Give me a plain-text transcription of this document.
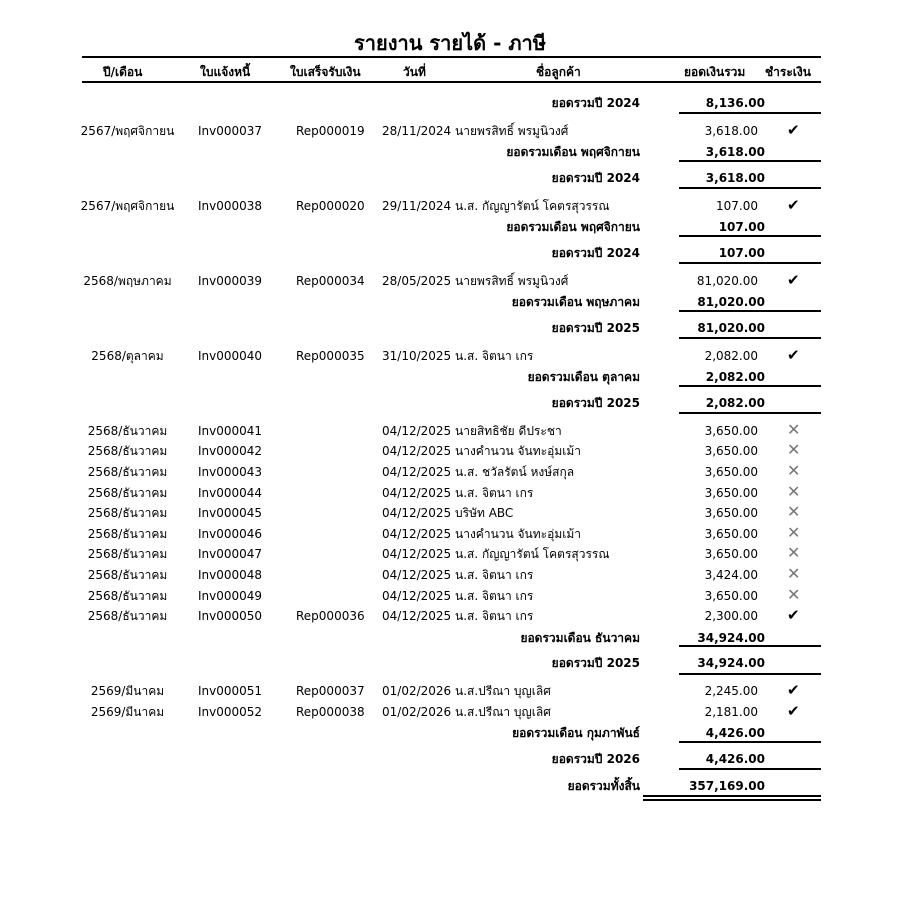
รายงาน รายได้ - ภาษี
ปี/เดือน	ใบแจ้งหนี้	ใบเสร็จรับเงิน	วันที่	ชื่อลูกค้า	ยอดเงินรวม ชำระเงิน
ยอดรวมปี 2024	8,136.00
2567/พฤศจิกายน	Inv000037	Rep000019 28/11/2024 นายพรสิทธิ์ พรมูนิวงศ์	3,618.00 ✔
ยอดรวมเดือน พฤศจิกายน	3,618.00
ยอดรวมปี 2024	3,618.00
2567/พฤศจิกายน	Inv000038	Rep000020 29/11/2024 น.ส. กัญญารัตน์ โคตรสุวรรณ	107.00 ✔
ยอดรวมเดือน พฤศจิกายน	107.00
ยอดรวมปี 2024	107.00
2568/พฤษภาคม	Inv000039	Rep000034 28/05/2025 นายพรสิทธิ์ พรมูนิวงศ์	81,020.00 ✔
ยอดรวมเดือน พฤษภาคม	81,020.00
ยอดรวมปี 2025	81,020.00
2568/ตุลาคม	Inv000040	Rep000035 31/10/2025 น.ส. จิตนา เกร	2,082.00 ✔
ยอดรวมเดือน ตุลาคม	2,082.00
ยอดรวมปี 2025	2,082.00
2568/ธันวาคม	Inv000041	04/12/2025 นายสิทธิชัย ดีประชา	3,650.00 ✕
2568/ธันวาคม	Inv000042	04/12/2025 นางคำนวน จันทะอุ่มเม้า	3,650.00 ✕
2568/ธันวาคม	Inv000043	04/12/2025 น.ส. ชวัลรัตน์ หงษ์สกุล	3,650.00 ✕
2568/ธันวาคม	Inv000044	04/12/2025 น.ส. จิตนา เกร	3,650.00 ✕
2568/ธันวาคม	Inv000045	04/12/2025 บริษัท ABC	3,650.00 ✕
2568/ธันวาคม	Inv000046	04/12/2025 นางคำนวน จันทะอุ่มเม้า	3,650.00 ✕
2568/ธันวาคม	Inv000047	04/12/2025 น.ส. กัญญารัตน์ โคตรสุวรรณ	3,650.00 ✕
2568/ธันวาคม	Inv000048	04/12/2025 น.ส. จิตนา เกร	3,424.00 ✕
2568/ธันวาคม	Inv000049	04/12/2025 น.ส. จิตนา เกร	3,650.00 ✕
2568/ธันวาคม	Inv000050	Rep000036 04/12/2025 น.ส. จิตนา เกร	2,300.00 ✔
ยอดรวมเดือน ธันวาคม	34,924.00
ยอดรวมปี 2025	34,924.00
2569/มีนาคม	Inv000051	Rep000037 01/02/2026 น.ส.ปรีณา บุญเลิศ	2,245.00 ✔
2569/มีนาคม	Inv000052	Rep000038 01/02/2026 น.ส.ปรีณา บุญเลิศ	2,181.00 ✔
ยอดรวมเดือน กุมภาพันธ์	4,426.00
ยอดรวมปี 2026	4,426.00
ยอดรวมทั้งสิ้น	357,169.00
